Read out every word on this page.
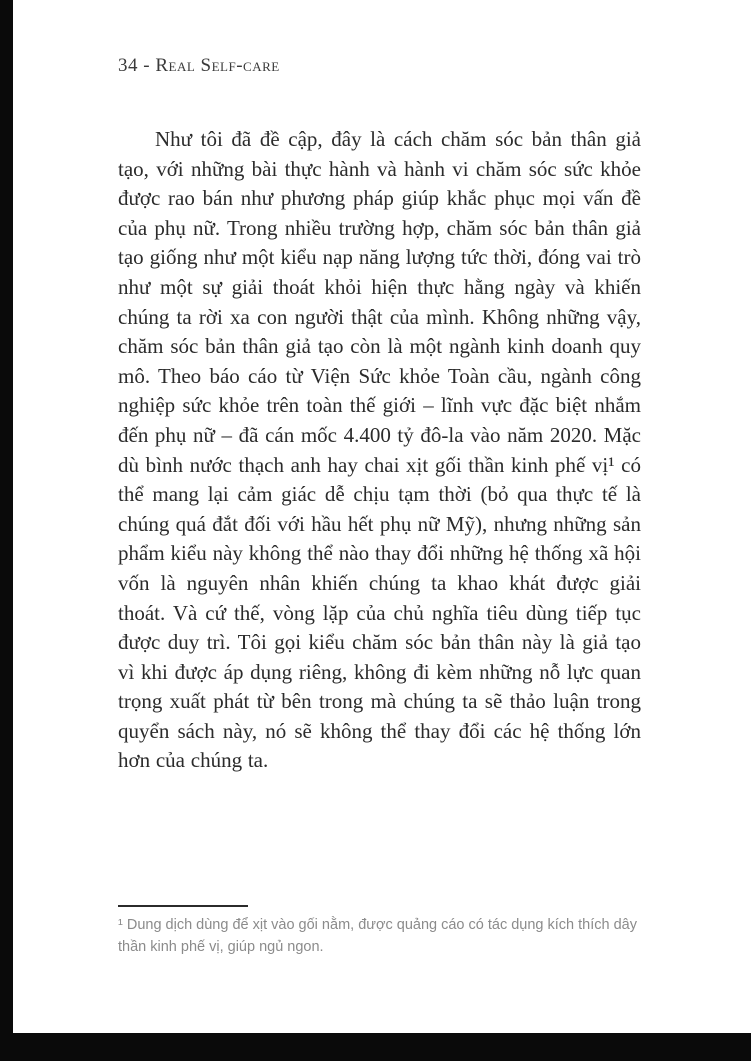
34 - Real Self-care

Như tôi đã đề cập, đây là cách chăm sóc bản thân giả tạo, với những bài thực hành và hành vi chăm sóc sức khỏe được rao bán như phương pháp giúp khắc phục mọi vấn đề của phụ nữ. Trong nhiều trường hợp, chăm sóc bản thân giả tạo giống như một kiểu nạp năng lượng tức thời, đóng vai trò như một sự giải thoát khỏi hiện thực hằng ngày và khiến chúng ta rời xa con người thật của mình. Không những vậy, chăm sóc bản thân giả tạo còn là một ngành kinh doanh quy mô. Theo báo cáo từ Viện Sức khỏe Toàn cầu, ngành công nghiệp sức khỏe trên toàn thế giới – lĩnh vực đặc biệt nhắm đến phụ nữ – đã cán mốc 4.400 tỷ đô-la vào năm 2020. Mặc dù bình nước thạch anh hay chai xịt gối thần kinh phế vị¹ có thể mang lại cảm giác dễ chịu tạm thời (bỏ qua thực tế là chúng quá đắt đối với hầu hết phụ nữ Mỹ), nhưng những sản phẩm kiểu này không thể nào thay đổi những hệ thống xã hội vốn là nguyên nhân khiến chúng ta khao khát được giải thoát. Và cứ thế, vòng lặp của chủ nghĩa tiêu dùng tiếp tục được duy trì. Tôi gọi kiểu chăm sóc bản thân này là giả tạo vì khi được áp dụng riêng, không đi kèm những nỗ lực quan trọng xuất phát từ bên trong mà chúng ta sẽ thảo luận trong quyển sách này, nó sẽ không thể thay đổi các hệ thống lớn hơn của chúng ta.

¹ Dung dịch dùng để xịt vào gối nằm, được quảng cáo có tác dụng kích thích dây thần kinh phế vị, giúp ngủ ngon.
